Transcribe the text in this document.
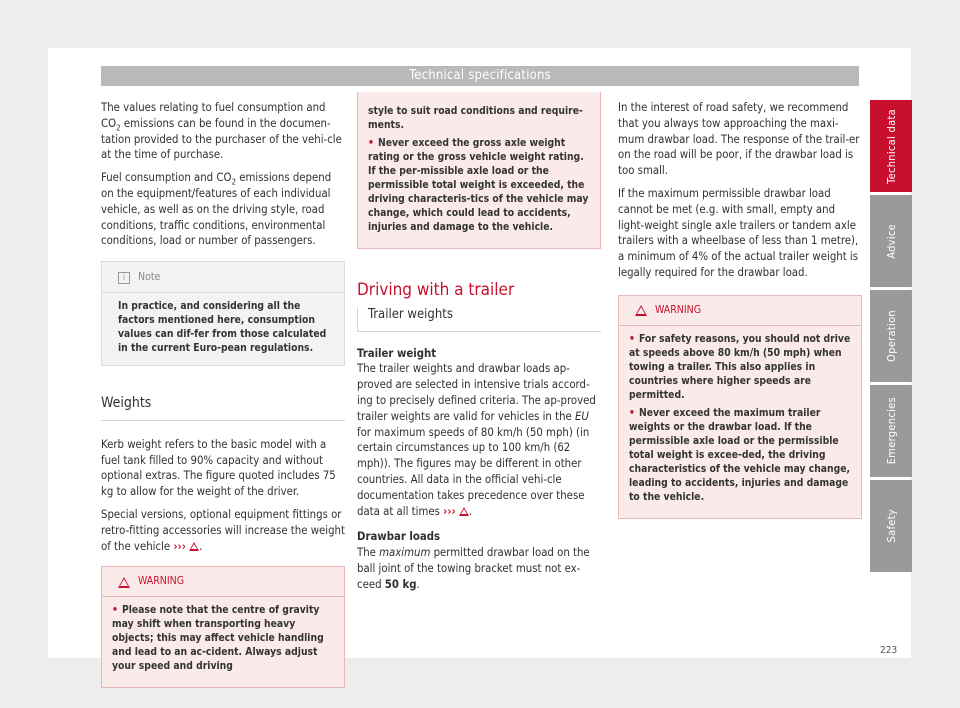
Technical specifications

The values relating to fuel consumption and $CO_2$ emissions can be found in the documen-tation provided to the purchaser of the vehi-cle at the time of purchase.

Fuel consumption and $CO_2$ emissions depend on the equipment/features of each individual vehicle, as well as on the driving style, road conditions, traffic conditions, environmental conditions, load or number of passengers.

i	Note
In practice, and considering all the factors mentioned here, consumption values can dif-fer from those calculated in the current Euro-pean regulations.
Weights

Kerb weight refers to the basic model with a fuel tank filled to 90% capacity and without optional extras. The figure quoted includes 75 kg to allow for the weight of the driver.

Special versions, optional equipment fittings or retro-fitting accessories will increase the weight of the vehicle ››› .

WARNING
• Please note that the centre of gravity may shift when transporting heavy objects; this may affect vehicle handling and lead to an ac-cident. Always adjust your speed and driving
style to suit road conditions and require-ments.
• Never exceed the gross axle weight rating or the gross vehicle weight rating. If the per-missible axle load or the permissible total weight is exceeded, the driving characteris-tics of the vehicle may change, which could lead to accidents, injuries and damage to the vehicle.
Driving with a trailer
Trailer weights

Trailer weight
The trailer weights and drawbar loads ap-proved are selected in intensive trials accord-ing to precisely defined criteria. The ap-proved trailer weights are valid for vehicles in the EU for maximum speeds of 80 km/h (50 mph) (in certain circumstances up to 100 km/h (62 mph)). The figures may be different in other countries. All data in the official vehi-cle documentation takes precedence over these data at all times ››› .

Drawbar loads
The maximum permitted drawbar load on the ball joint of the towing bracket must not ex-ceed 50 kg.

In the interest of road safety, we recommend that you always tow approaching the maxi-mum drawbar load. The response of the trail-er on the road will be poor, if the drawbar load is too small.

If the maximum permissible drawbar load cannot be met (e.g. with small, empty and light-weight single axle trailers or tandem axle trailers with a wheelbase of less than 1 metre), a minimum of 4% of the actual trailer weight is legally required for the drawbar load.

WARNING
• For safety reasons, you should not drive at speeds above 80 km/h (50 mph) when towing a trailer. This also applies in countries where higher speeds are permitted.
• Never exceed the maximum trailer weights or the drawbar load. If the permissible axle load or the permissible total weight is excee-ded, the driving characteristics of the vehicle may change, leading to accidents, injuries and damage to the vehicle.
Technical data
Advice
Operation
Emergencies
Safety
223
